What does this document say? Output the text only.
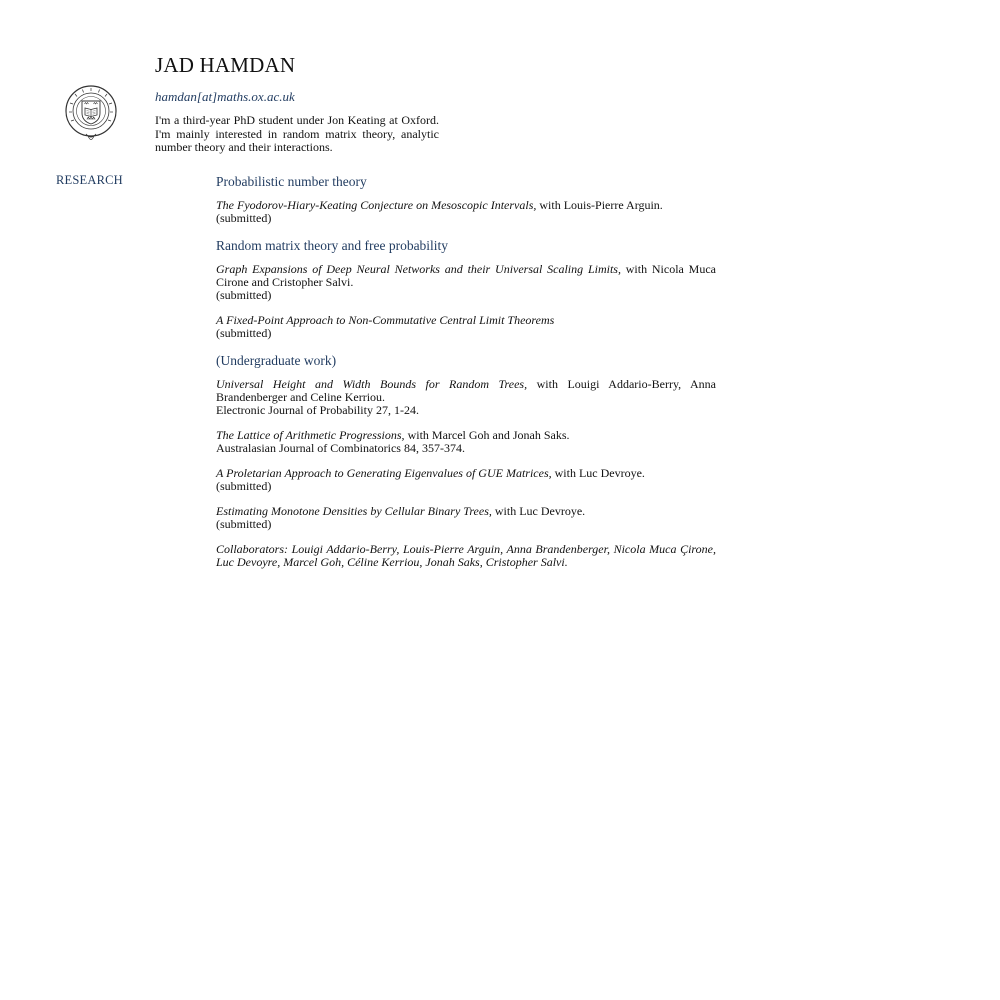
JAD HAMDAN
hamdan[at]maths.ox.ac.uk

I'm a third-year PhD student under Jon Keating at Oxford. I'm mainly interested in random matrix theory, analytic number theory and their interactions.

RESEARCH	Probabilistic number theory

The Fyodorov-Hiary-Keating Conjecture on Mesoscopic Intervals, with Louis-Pierre Arguin.
(submitted)

Random matrix theory and free probability

Graph Expansions of Deep Neural Networks and their Universal Scaling Limits, with Nicola Muca Cirone and Cristopher Salvi.
(submitted)

A Fixed-Point Approach to Non-Commutative Central Limit Theorems
(submitted)

(Undergraduate work)

Universal Height and Width Bounds for Random Trees, with Louigi Addario-Berry, Anna Brandenberger and Celine Kerriou.
Electronic Journal of Probability 27, 1-24.

The Lattice of Arithmetic Progressions, with Marcel Goh and Jonah Saks.
Australasian Journal of Combinatorics 84, 357-374.

A Proletarian Approach to Generating Eigenvalues of GUE Matrices, with Luc Devroye.
(submitted)

Estimating Monotone Densities by Cellular Binary Trees, with Luc Devroye.
(submitted)

Collaborators: Louigi Addario-Berry, Louis-Pierre Arguin, Anna Brandenberger, Nicola Muca Çirone, Luc Devoyre, Marcel Goh, Céline Kerriou, Jonah Saks, Cristopher Salvi.
